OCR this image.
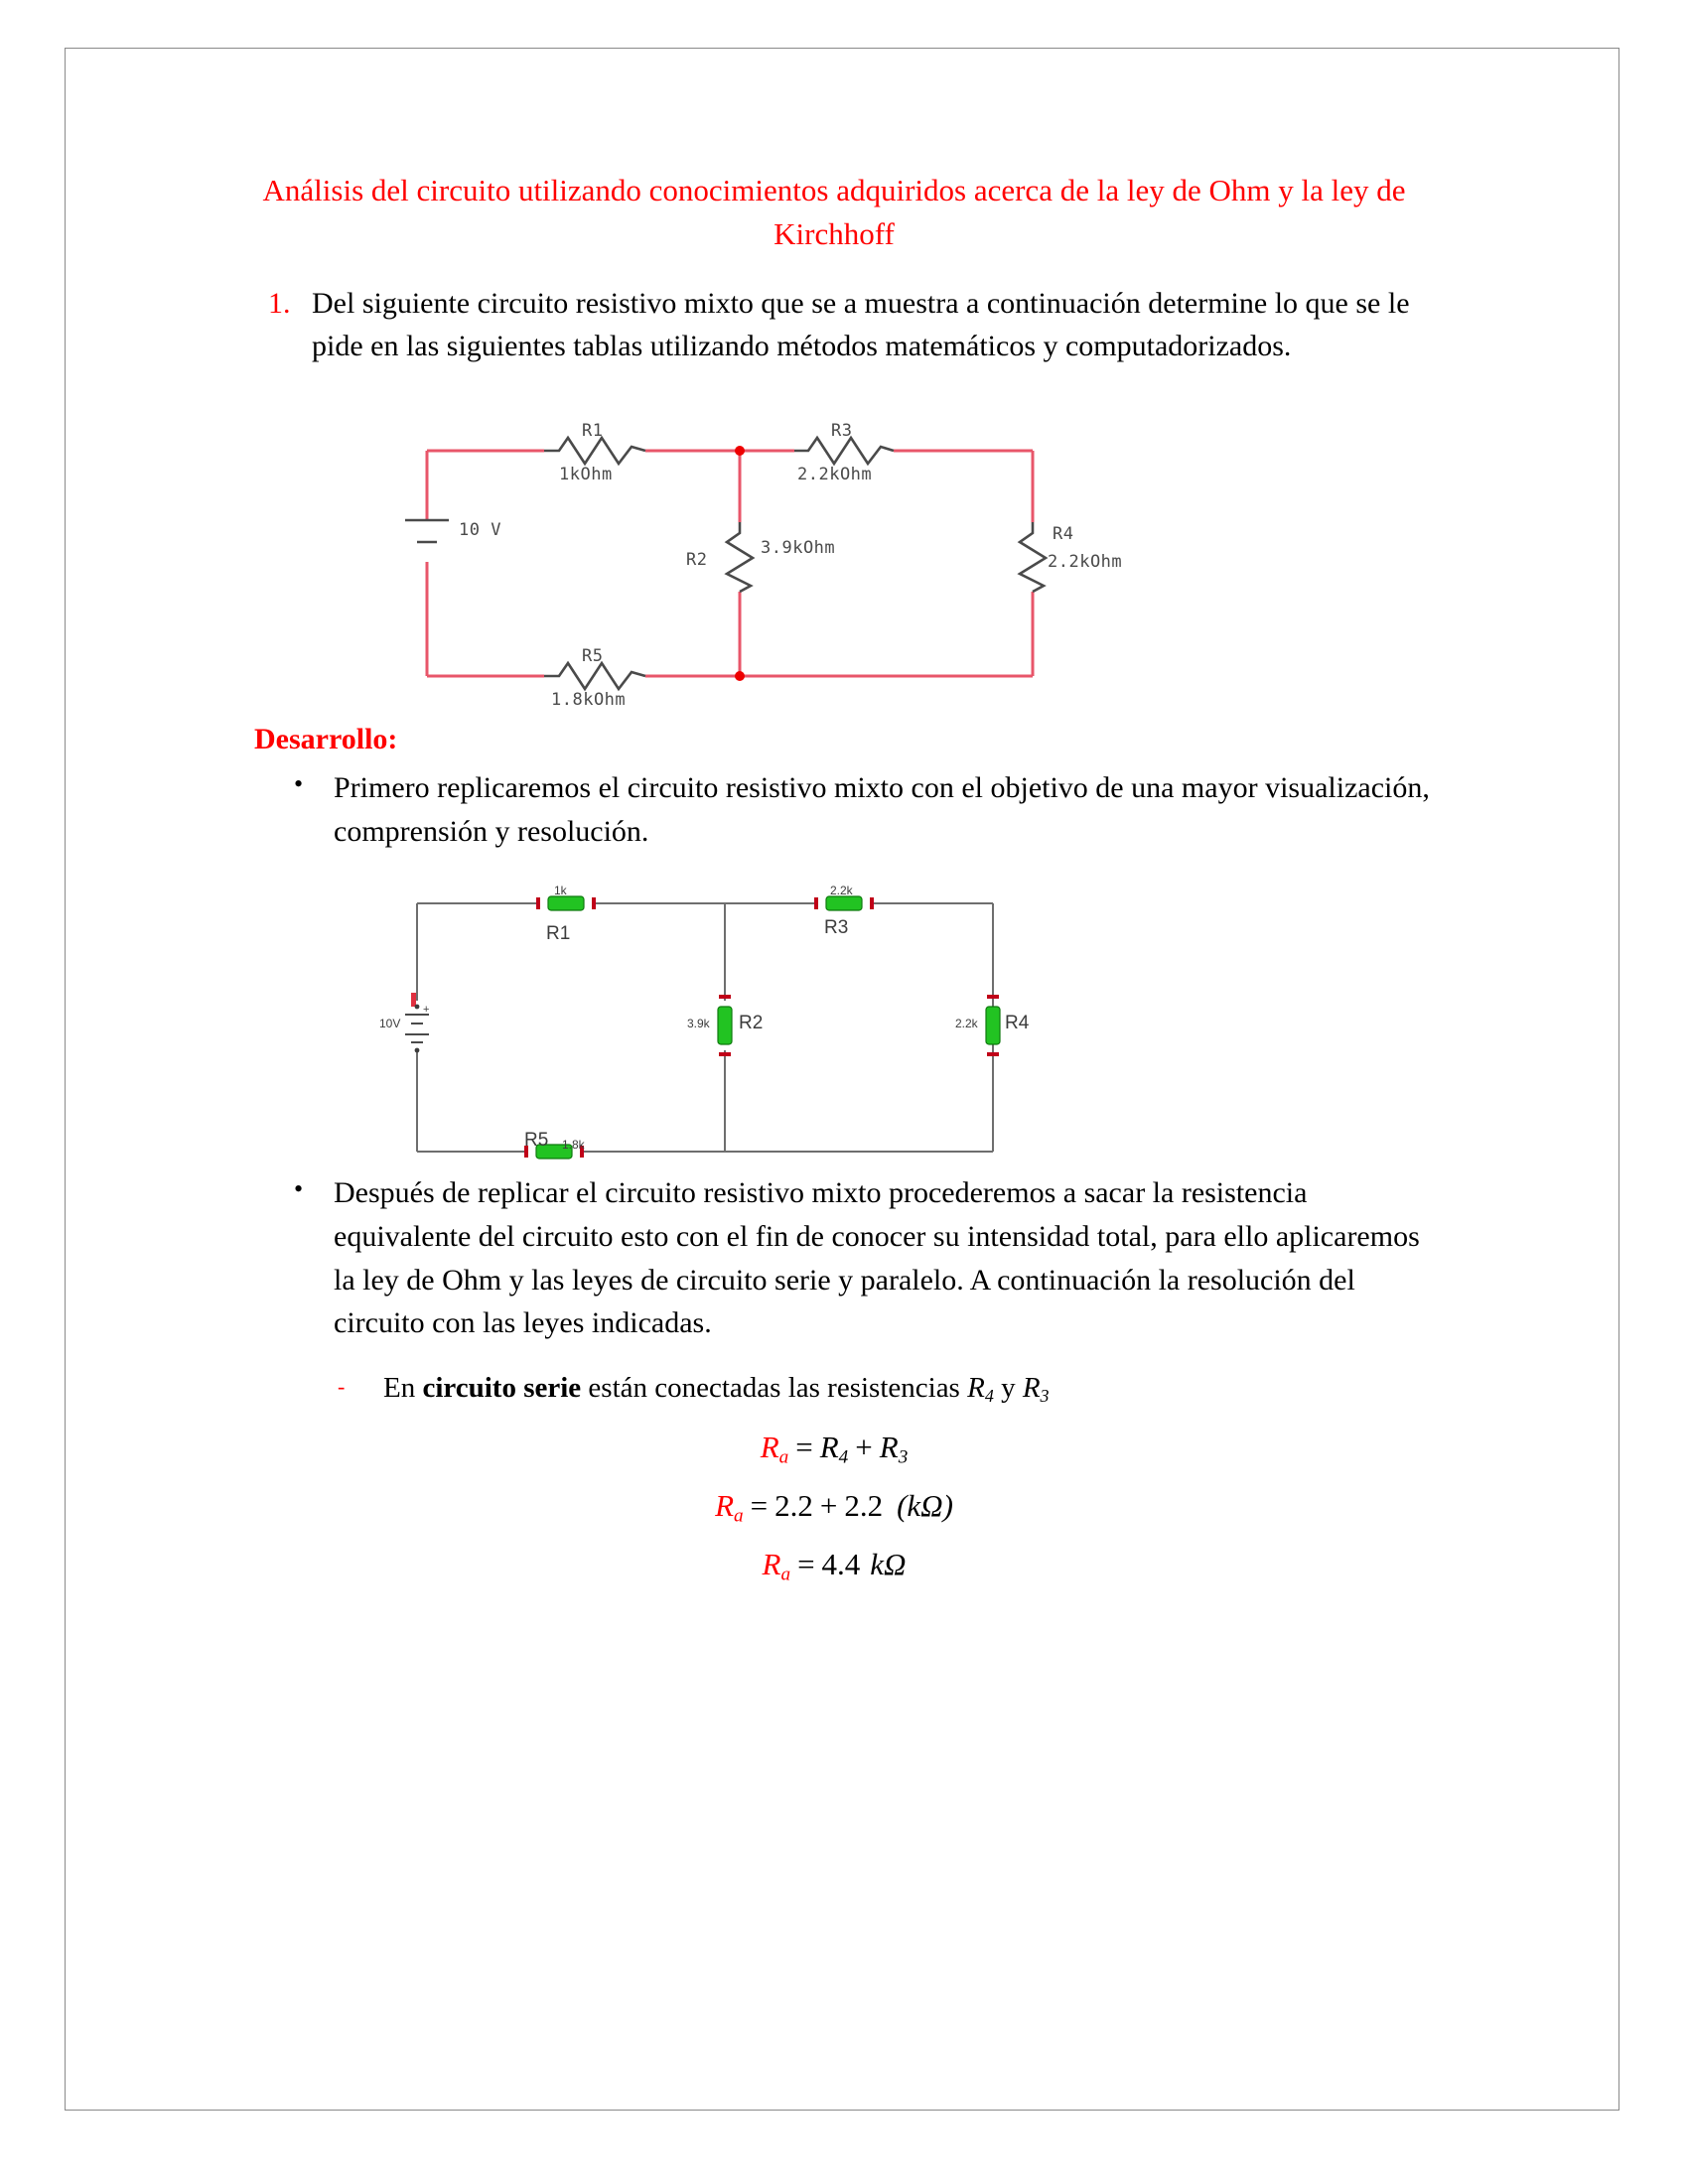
Análisis del circuito utilizando conocimientos adquiridos acerca de la ley de Ohm y la ley de Kirchhoff
1. Del siguiente circuito resistivo mixto que se a muestra a continuación determine lo que se le pide en las siguientes tablas utilizando métodos matemáticos y computadorizados.
R1
1kOhm
R3
2.2kOhm
R2
3.9kOhm
R4
2.2kOhm
R5
1.8kOhm
10 V
Desarrollo:
• Primero replicaremos el circuito resistivo mixto con el objetivo de una mayor visualización, comprensión y resolución.
+
1k
R1
2.2k
R3
3.9k R2	2.2k R4
R5 1.8k
10V
• Después de replicar el circuito resistivo mixto procederemos a sacar la resistencia equivalente del circuito esto con el fin de conocer su intensidad total, para ello aplicaremos la ley de Ohm y las leyes de circuito serie y paralelo. A continuación la resolución del circuito con las leyes indicadas.
- En circuito serie están conectadas las resistencias $R_4$ y $R_3$
$R_a = R_4 + R_3$
$R_a = 2.2 + 2.2$ (kΩ)
$R_a = 4.4$ kΩ
